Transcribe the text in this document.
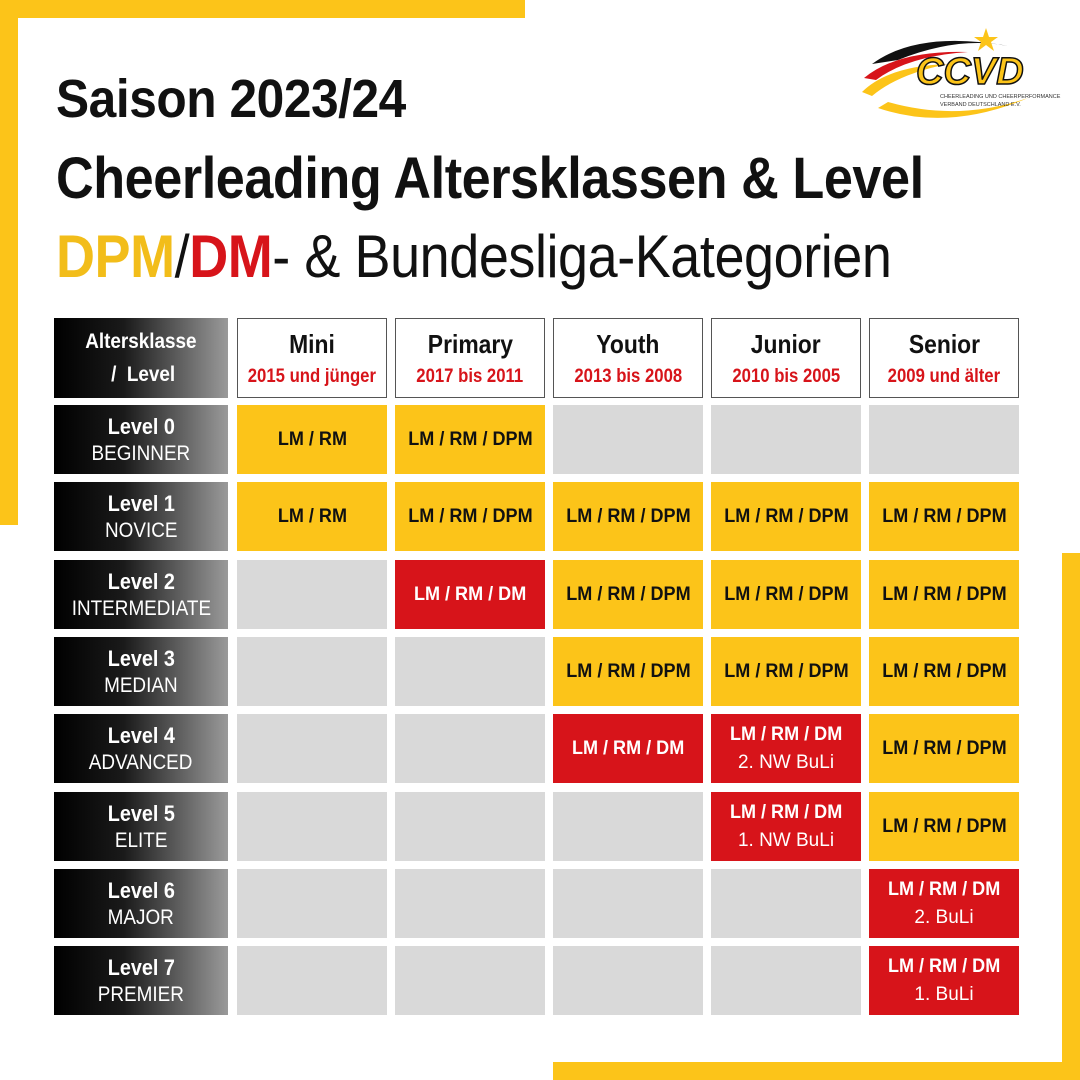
Saison 2023/24
Cheerleading Altersklassen & Level
DPM/DM- & Bundesliga-Kategorien
CCVD
CHEERLEADING UND CHEERPERFORMANCE
VERBAND DEUTSCHLAND E.V.
Altersklasse
/  Level
Mini
2015 und jünger
Primary
2017 bis 2011
Youth
2013 bis 2008
Junior
2010 bis 2005
Senior
2009 und älter
Level 0
BEGINNER
LM / RM	LM / RM / DPM
Level 1
NOVICE
LM / RM	LM / RM / DPM LM / RM / DPM LM / RM / DPM LM / RM / DPM
Level 2
INTERMEDIATE
LM / RM / DM LM / RM / DPM LM / RM / DPM LM / RM / DPM
Level 3
MEDIAN
LM / RM / DPM LM / RM / DPM LM / RM / DPM
Level 4
ADVANCED
LM / RM / DM
LM / RM / DM
2. NW BuLi
LM / RM / DPM
Level 5
ELITE
LM / RM / DM
1. NW BuLi
LM / RM / DPM
Level 6
MAJOR
LM / RM / DM
2. BuLi
Level 7
PREMIER
LM / RM / DM
1. BuLi
